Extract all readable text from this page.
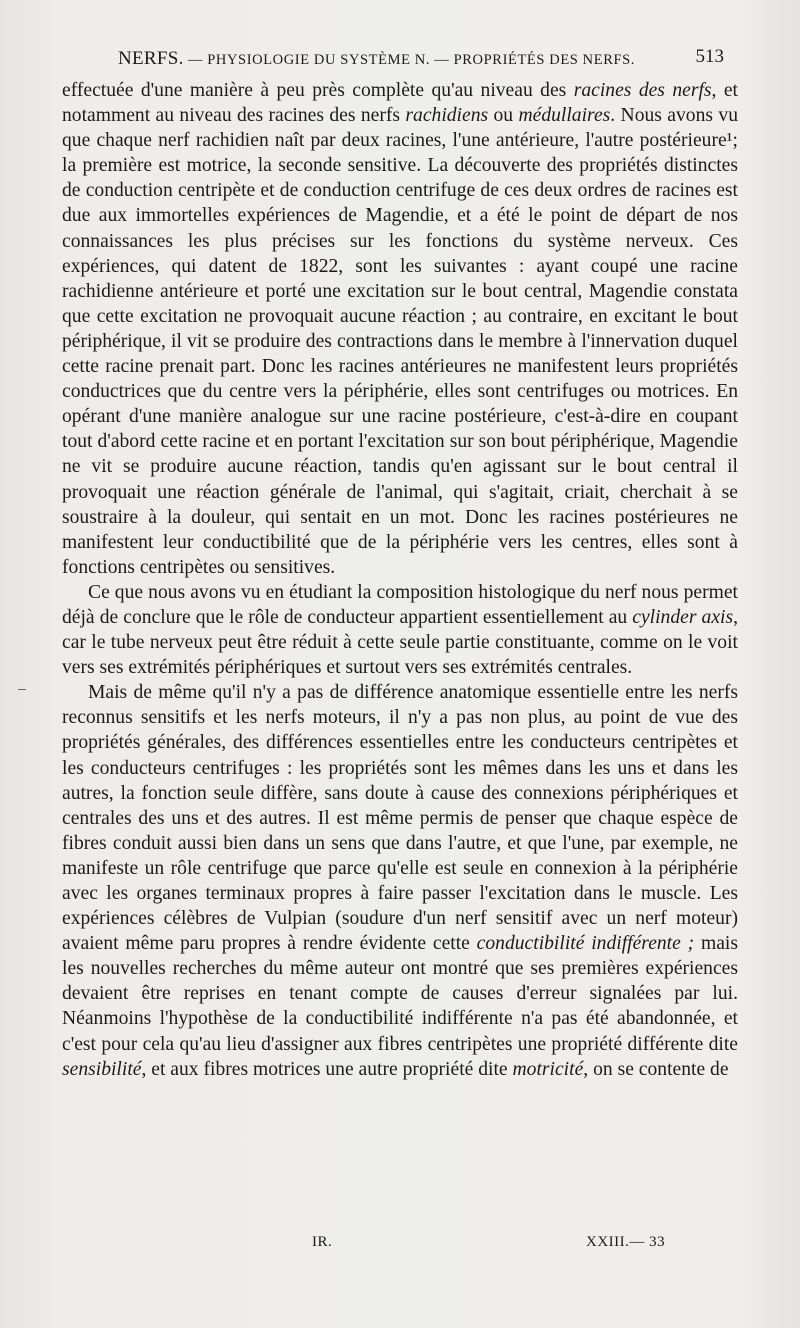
NERFS. — PHYSIOLOGIE DU SYSTÈME N. — PROPRIÉTÉS DES NERFS.	513

effectuée d'une manière à peu près complète qu'au niveau des racines des nerfs, et notamment au niveau des racines des nerfs rachidiens ou médullaires. Nous avons vu que chaque nerf rachidien naît par deux racines, l'une antérieure, l'autre postérieure¹; la première est motrice, la seconde sensitive. La découverte des propriétés distinctes de conduction centripète et de conduction centrifuge de ces deux ordres de racines est due aux immortelles expériences de Magendie, et a été le point de départ de nos connaissances les plus précises sur les fonctions du système nerveux. Ces expériences, qui datent de 1822, sont les suivantes : ayant coupé une racine rachidienne antérieure et porté une excitation sur le bout central, Magendie constata que cette excitation ne provoquait aucune réaction ; au contraire, en excitant le bout périphérique, il vit se produire des contractions dans le membre à l'innervation duquel cette racine prenait part. Donc les racines antérieures ne manifestent leurs propriétés conductrices que du centre vers la périphérie, elles sont centrifuges ou motrices. En opérant d'une manière analogue sur une racine postérieure, c'est-à-dire en coupant tout d'abord cette racine et en portant l'excitation sur son bout périphérique, Magendie ne vit se produire aucune réaction, tandis qu'en agissant sur le bout central il provoquait une réaction générale de l'animal, qui s'agitait, criait, cherchait à se soustraire à la douleur, qui sentait en un mot. Donc les racines postérieures ne manifestent leur conductibilité que de la périphérie vers les centres, elles sont à fonctions centripètes ou sensitives.

Ce que nous avons vu en étudiant la composition histologique du nerf nous permet déjà de conclure que le rôle de conducteur appartient essentiellement au cylinder axis, car le tube nerveux peut être réduit à cette seule partie constituante, comme on le voit vers ses extrémités périphériques et surtout vers ses extrémités centrales.

Mais de même qu'il n'y a pas de différence anatomique essentielle entre les nerfs reconnus sensitifs et les nerfs moteurs, il n'y a pas non plus, au point de vue des propriétés générales, des différences essentielles entre les conducteurs centripètes et les conducteurs centrifuges : les propriétés sont les mêmes dans les uns et dans les autres, la fonction seule diffère, sans doute à cause des connexions périphériques et centrales des uns et des autres. Il est même permis de penser que chaque espèce de fibres conduit aussi bien dans un sens que dans l'autre, et que l'une, par exemple, ne manifeste un rôle centrifuge que parce qu'elle est seule en connexion à la périphérie avec les organes terminaux propres à faire passer l'excitation dans le muscle. Les expériences célèbres de Vulpian (soudure d'un nerf sensitif avec un nerf moteur) avaient même paru propres à rendre évidente cette conductibilité indifférente ; mais les nouvelles recherches du même auteur ont montré que ses premières expériences devaient être reprises en tenant compte de causes d'erreur signalées par lui. Néanmoins l'hypothèse de la conductibilité indifférente n'a pas été abandonnée, et c'est pour cela qu'au lieu d'assigner aux fibres centripètes une propriété différente dite sensibilité, et aux fibres motrices une autre propriété dite motricité, on se contente de

IR.	XXIII.— 33
